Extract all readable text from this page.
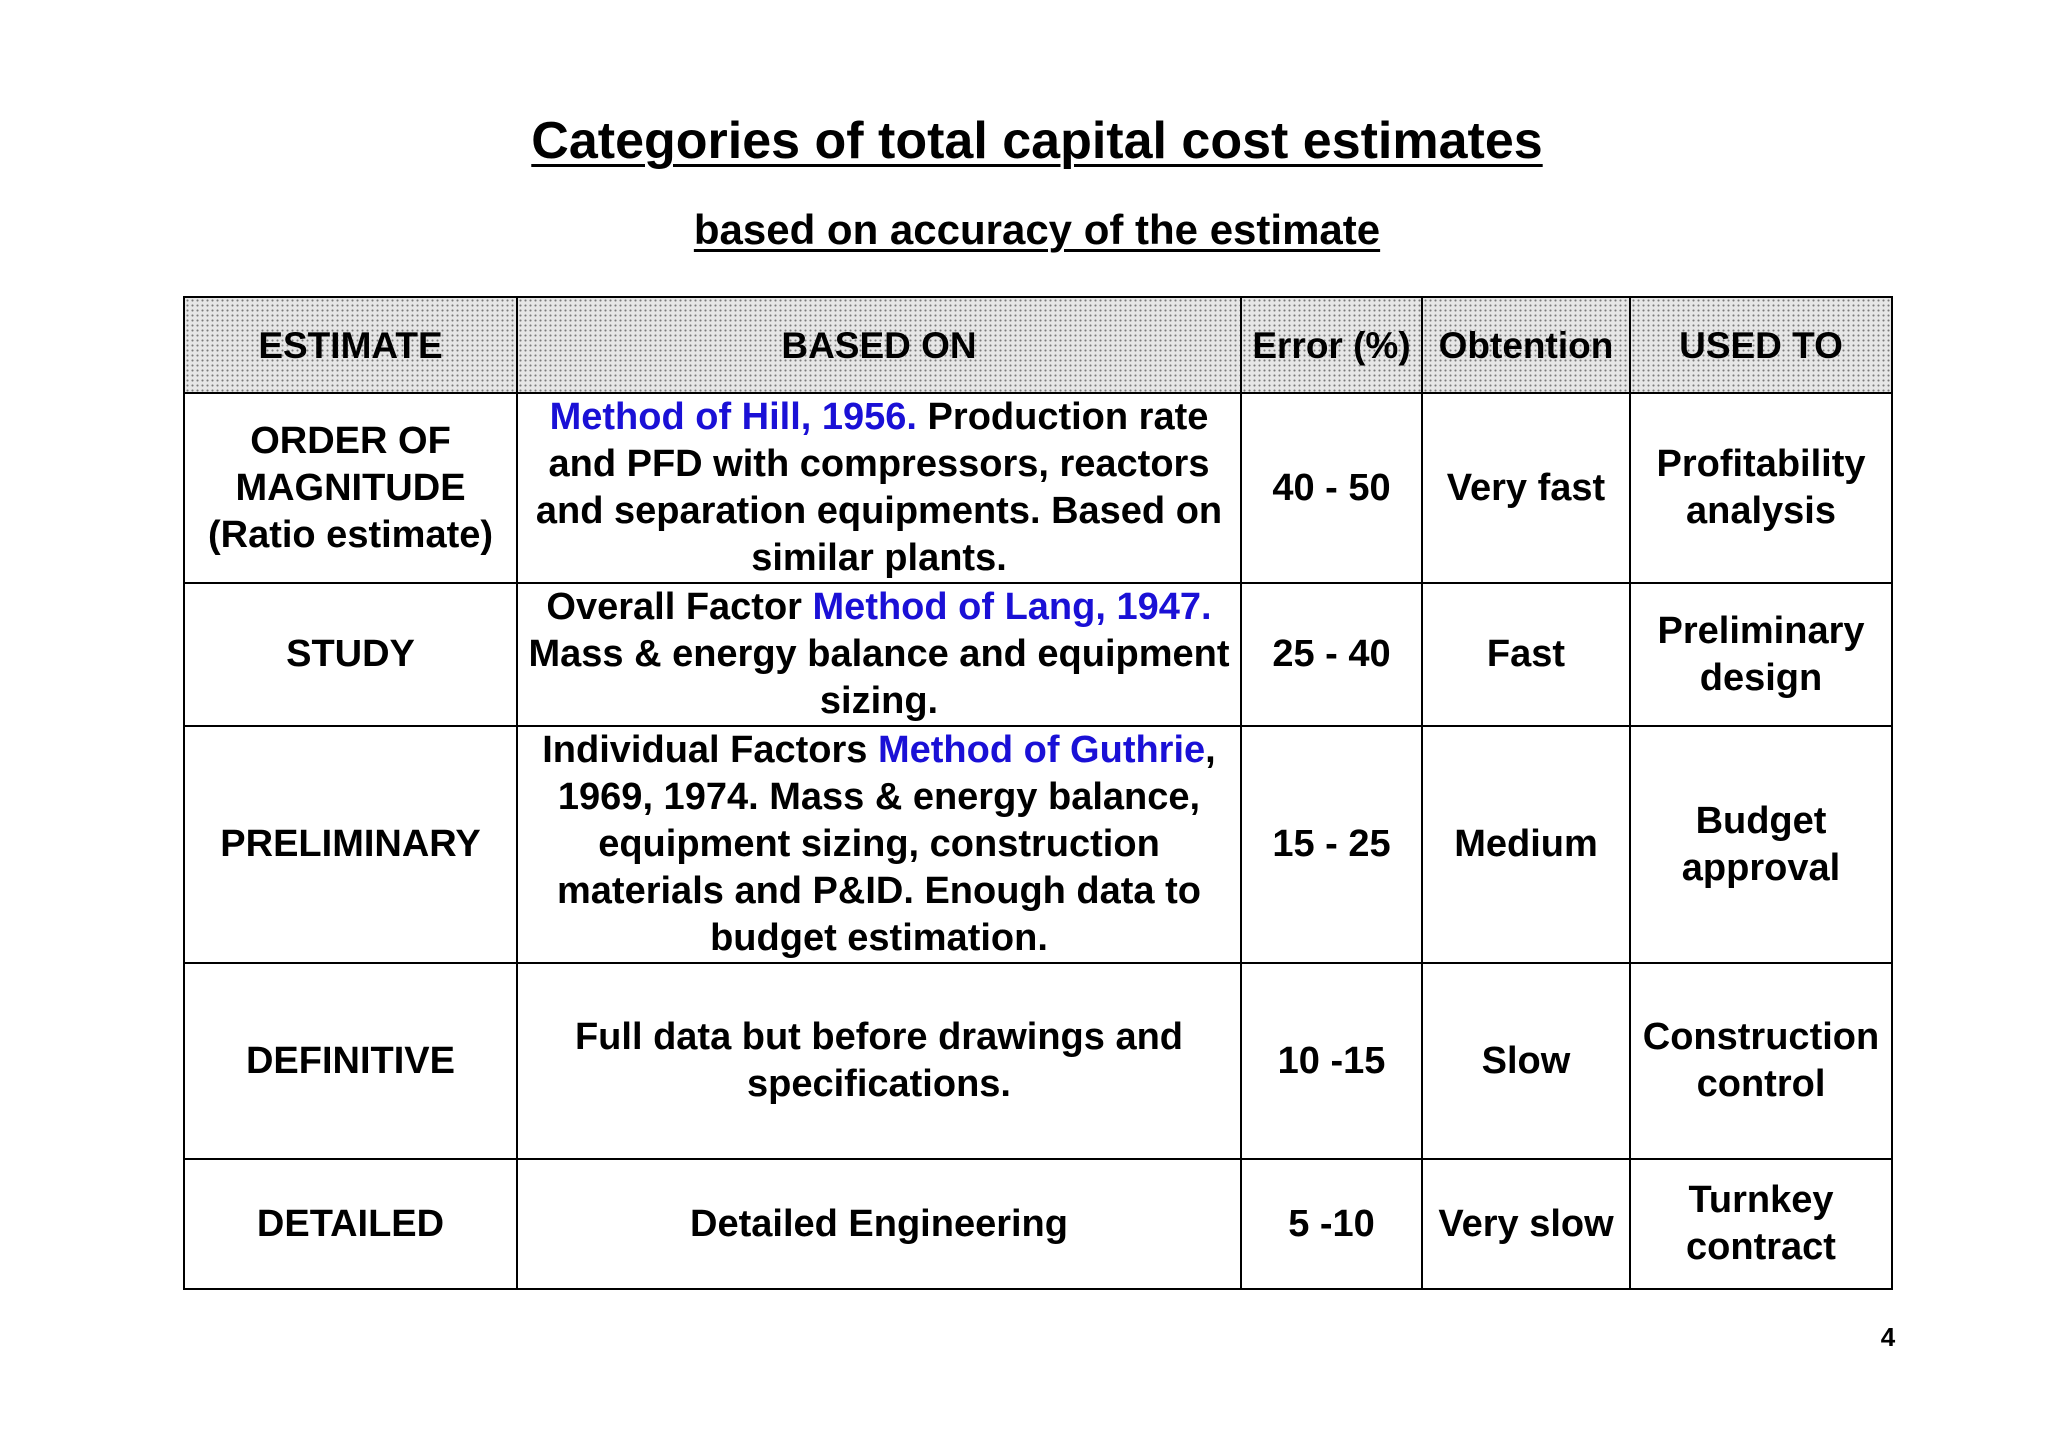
Categories of total capital cost estimates
based on accuracy of the estimate
ESTIMATE	BASED ON	Error (%)	Obtention	USED TO
ORDER OF MAGNITUDE (Ratio estimate)	Method of Hill, 1956. Production rate and PFD with compressors, reactors and separation equipments. Based on similar plants.	40 - 50	Very fast	Profitability analysis
STUDY	Overall Factor Method of Lang, 1947. Mass & energy balance and equipment sizing.	25 - 40	Fast	Preliminary design
PRELIMINARY	Individual Factors Method of Guthrie, 1969, 1974. Mass & energy balance, equipment sizing, construction materials and P&ID. Enough data to budget estimation.	15 - 25	Medium	Budget approval
DEFINITIVE	Full data but before drawings and specifications.	10 -15	Slow	Construction control
DETAILED	Detailed Engineering	5 -10	Very slow	Turnkey contract
4
